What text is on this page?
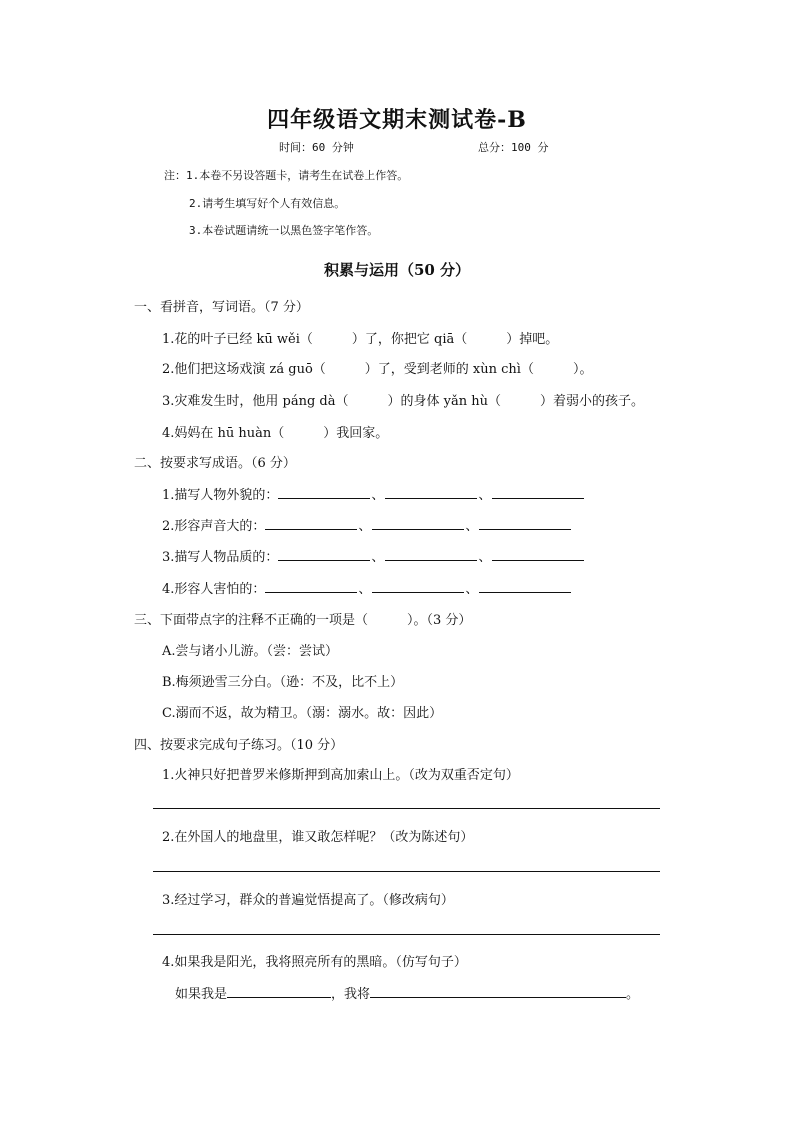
四年级语文期末测试卷-B
时间：60 分钟	总分：100 分
注：1.本卷不另设答题卡，请考生在试卷上作答。
2.请考生填写好个人有效信息。
3.本卷试题请统一以黑色签字笔作答。
积累与运用（50 分）
一、看拼音，写词语。（7 分）
1.花的叶子已经 kū wěi（　　　）了，你把它 qiā（　　　）掉吧。
2.他们把这场戏演 zá guō（　　　）了，受到老师的 xùn chì（　　　）。
3.灾难发生时，他用 páng dà（　　　）的身体 yǎn hù（　　　）着弱小的孩子。
4.妈妈在 hū huàn（　　　）我回家。
二、按要求写成语。（6 分）
1.描写人物外貌的：	、	、
2.形容声音大的：	、	、
3.描写人物品质的：	、	、
4.形容人害怕的：	、	、
三、下面带点字的注释不正确的一项是（　　　）。（3 分）
A.尝与诸小儿游。（尝：尝试）
B.梅须逊雪三分白。（逊：不及，比不上）
C.溺而不返，故为精卫。（溺：溺水。故：因此）
四、按要求完成句子练习。（10 分）
1.火神只好把普罗米修斯押到高加索山上。（改为双重否定句）
2.在外国人的地盘里，谁又敢怎样呢？（改为陈述句）
3.经过学习，群众的普遍觉悟提高了。（修改病句）
4.如果我是阳光，我将照亮所有的黑暗。（仿写句子）
如果我是	，我将	。
